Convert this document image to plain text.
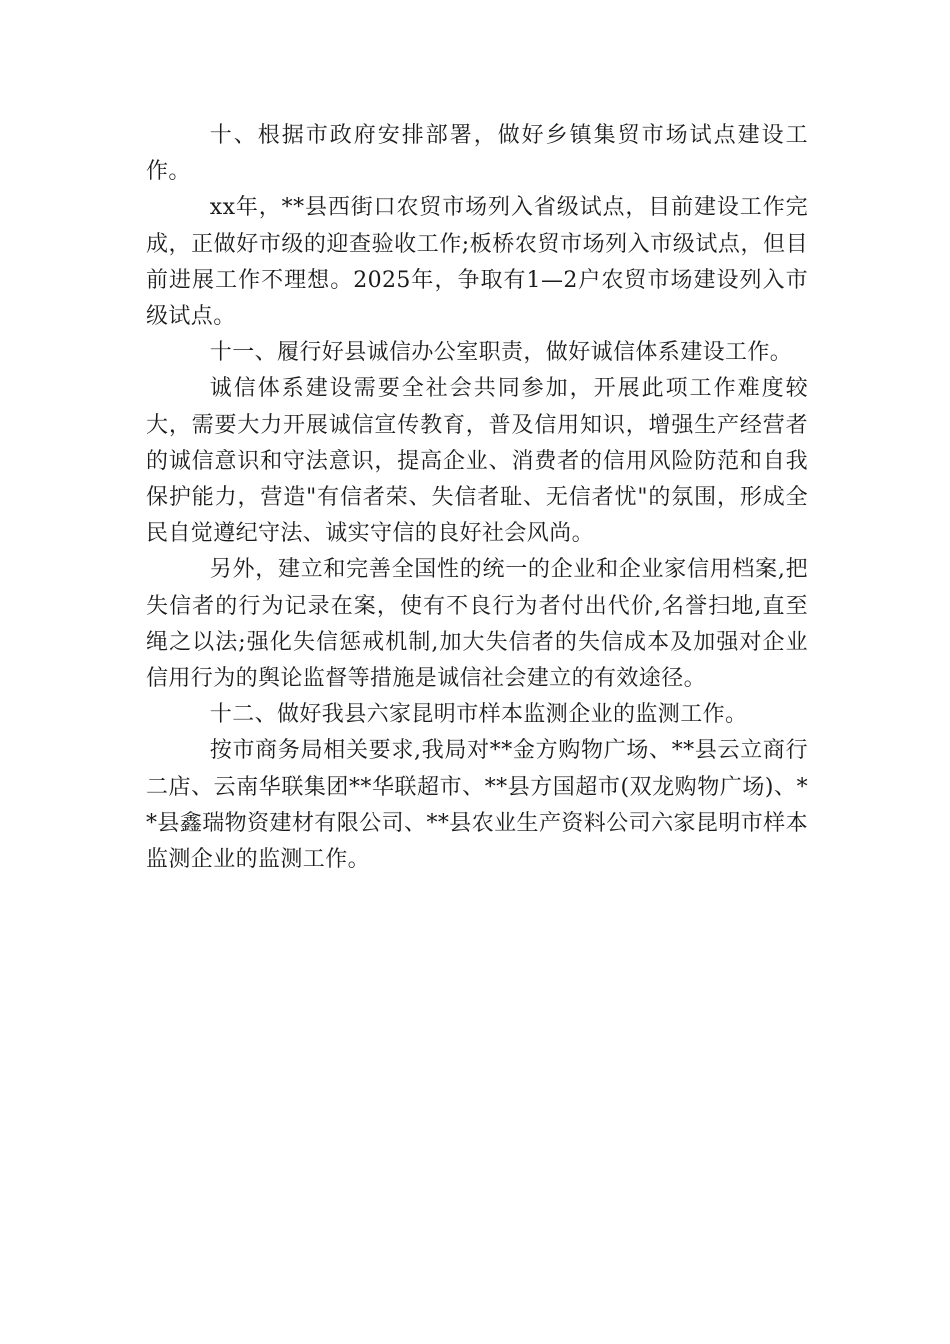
十、根据市政府安排部署，做好乡镇集贸市场试点建设工作。

xx年，**县西街口农贸市场列入省级试点，目前建设工作完成，正做好市级的迎查验收工作;板桥农贸市场列入市级试点，但目前进展工作不理想。2025年，争取有1—2户农贸市场建设列入市级试点。

十一、履行好县诚信办公室职责，做好诚信体系建设工作。

诚信体系建设需要全社会共同参加，开展此项工作难度较大，需要大力开展诚信宣传教育，普及信用知识，增强生产经营者的诚信意识和守法意识，提高企业、消费者的信用风险防范和自我保护能力，营造"有信者荣、失信者耻、无信者忧"的氛围，形成全民自觉遵纪守法、诚实守信的良好社会风尚。

另外，建立和完善全国性的统一的企业和企业家信用档案,把失信者的行为记录在案，使有不良行为者付出代价,名誉扫地,直至绳之以法;强化失信惩戒机制,加大失信者的失信成本及加强对企业信用行为的舆论监督等措施是诚信社会建立的有效途径。

十二、做好我县六家昆明市样本监测企业的监测工作。

按市商务局相关要求,我局对**金方购物广场、**县云立商行二店、云南华联集团**华联超市、**县方国超市(双龙购物广场)、**县鑫瑞物资建材有限公司、**县农业生产资料公司六家昆明市样本监测企业的监测工作。
